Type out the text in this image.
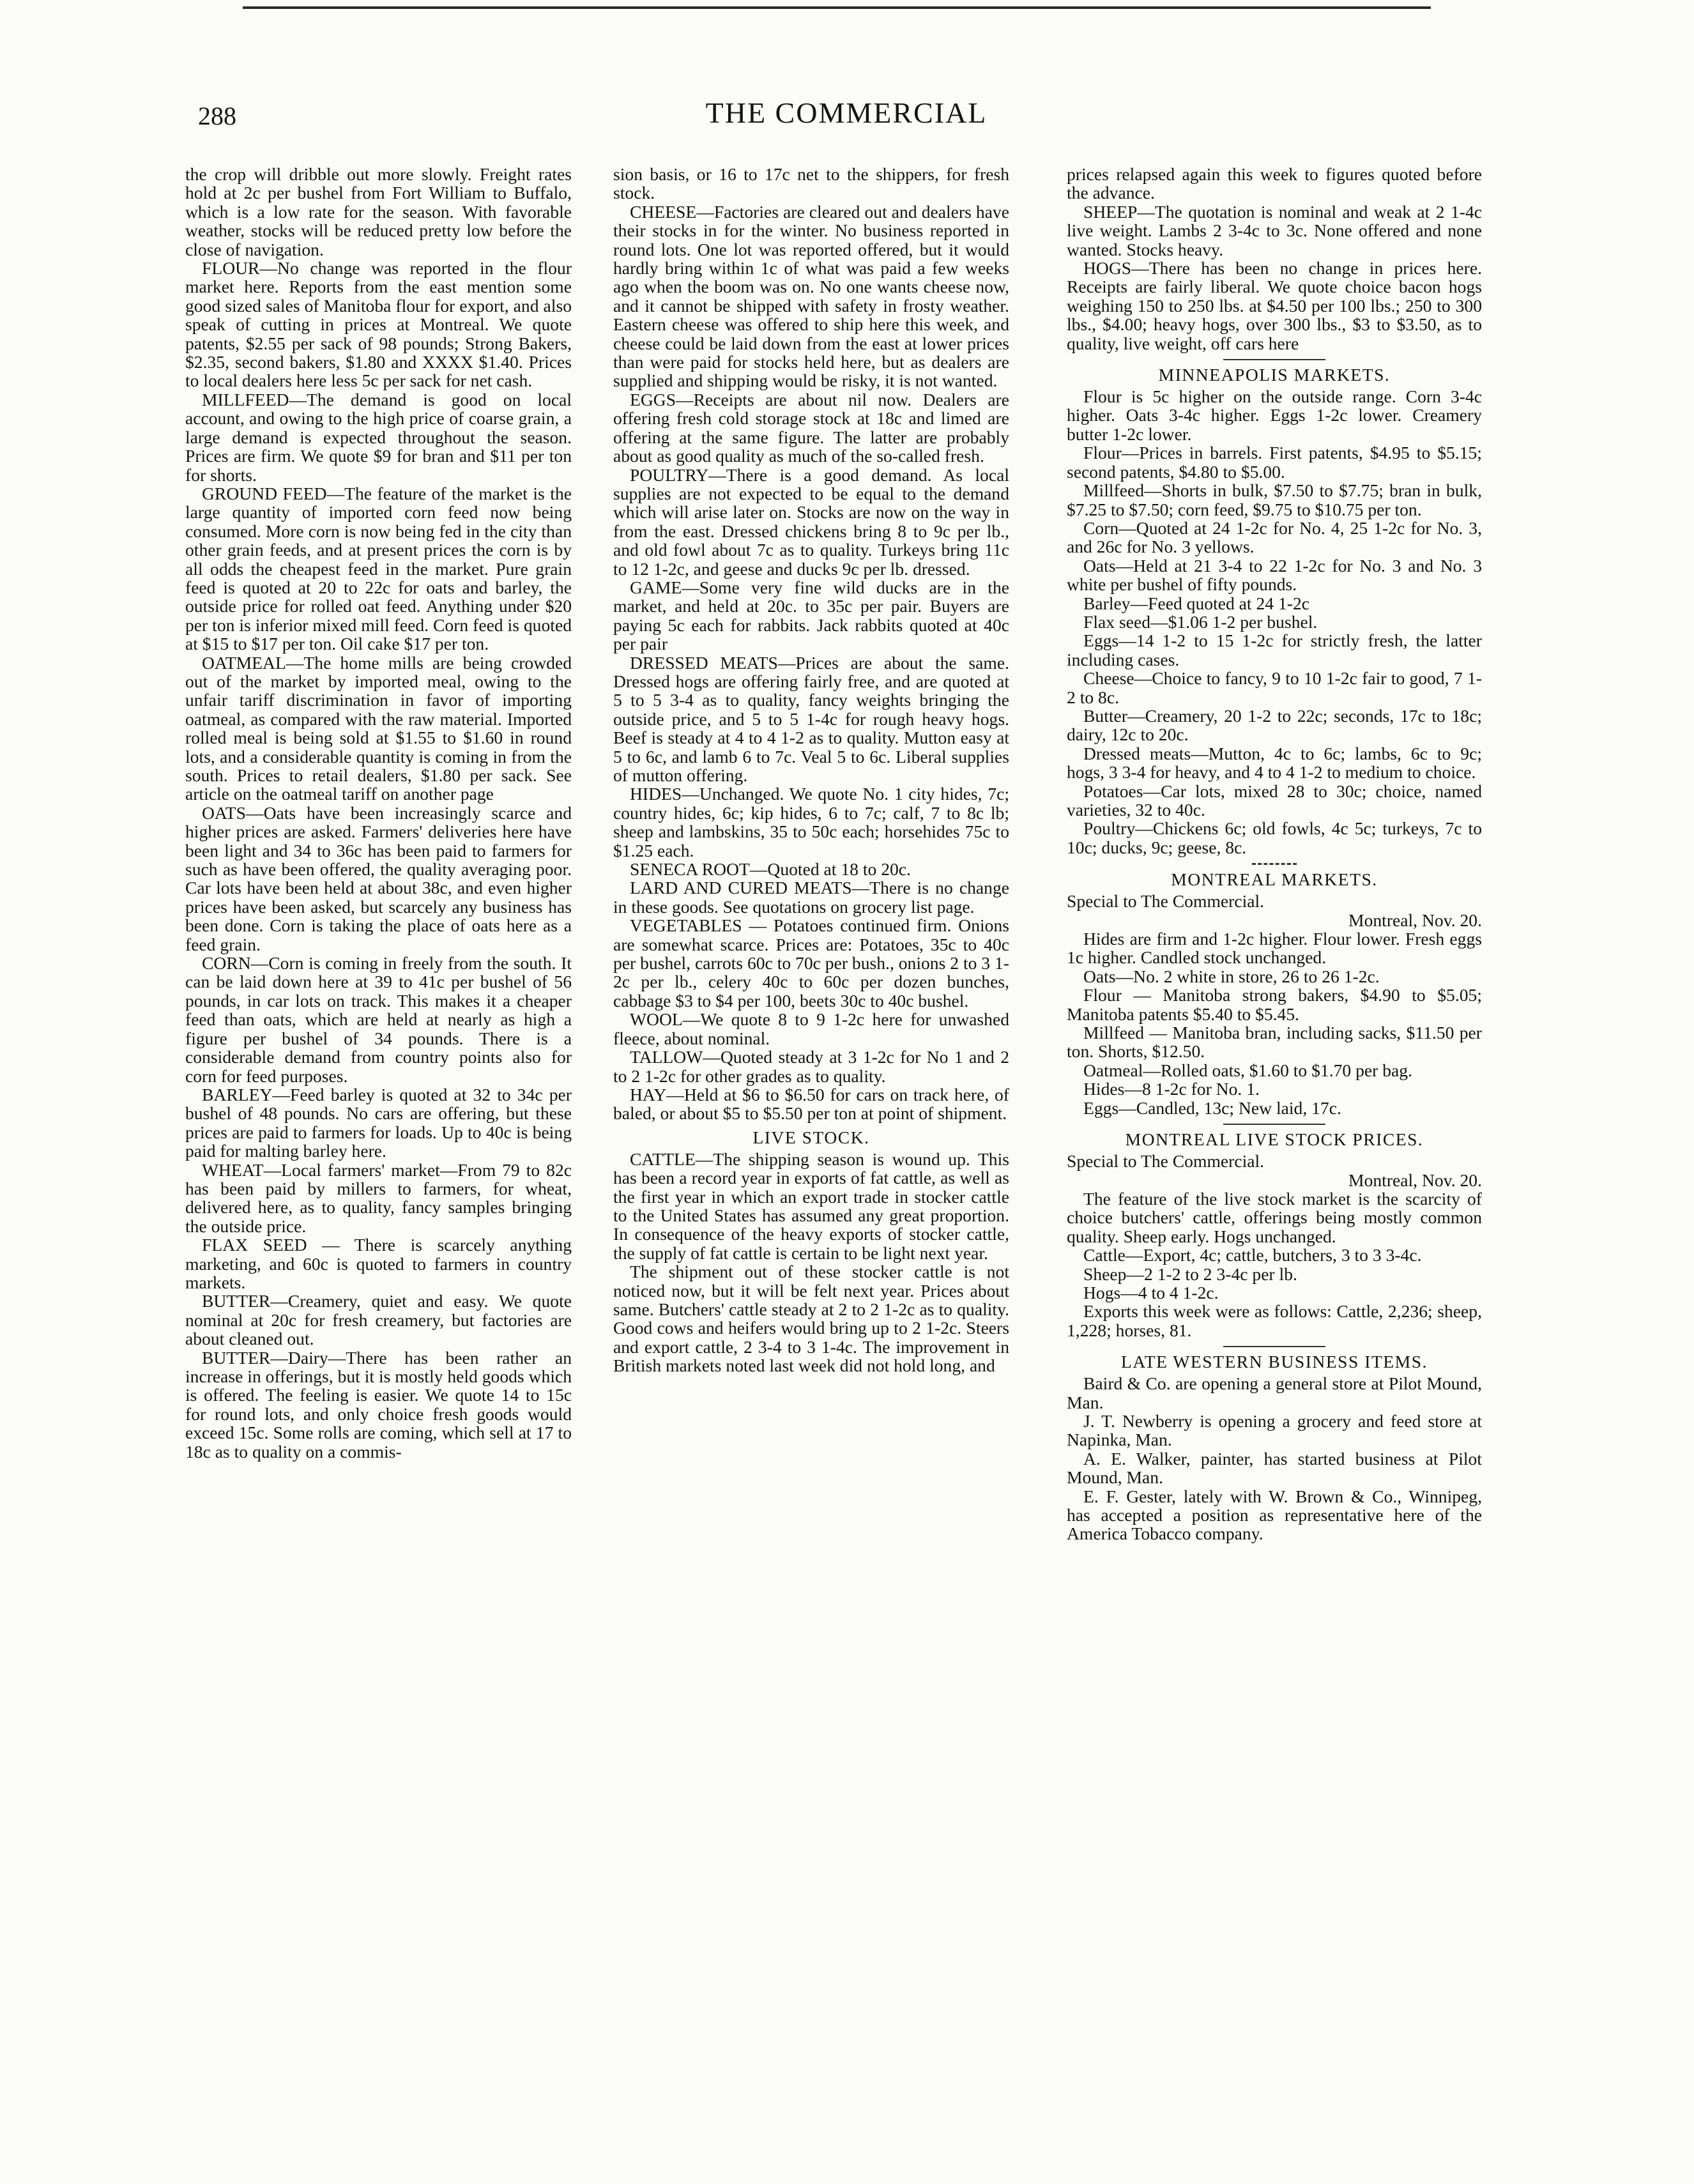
288	THE COMMERCIAL

the crop will dribble out more slowly. Freight rates hold at 2c per bushel from Fort William to Buffalo, which is a low rate for the season. With favorable weather, stocks will be reduced pretty low before the close of navigation.

FLOUR—No change was reported in the flour market here. Reports from the east mention some good sized sales of Manitoba flour for export, and also speak of cutting in prices at Montreal. We quote patents, $2.55 per sack of 98 pounds; Strong Bakers, $2.35, second bakers, $1.80 and XXXX $1.40. Prices to local dealers here less 5c per sack for net cash.

MILLFEED—The demand is good on local account, and owing to the high price of coarse grain, a large demand is expected throughout the season. Prices are firm. We quote $9 for bran and $11 per ton for shorts.

GROUND FEED—The feature of the market is the large quantity of imported corn feed now being consumed. More corn is now being fed in the city than other grain feeds, and at present prices the corn is by all odds the cheapest feed in the market. Pure grain feed is quoted at 20 to 22c for oats and barley, the outside price for rolled oat feed. Anything under $20 per ton is inferior mixed mill feed. Corn feed is quoted at $15 to $17 per ton. Oil cake $17 per ton.

OATMEAL—The home mills are being crowded out of the market by imported meal, owing to the unfair tariff discrimination in favor of importing oatmeal, as compared with the raw material. Imported rolled meal is being sold at $1.55 to $1.60 in round lots, and a considerable quantity is coming in from the south. Prices to retail dealers, $1.80 per sack. See article on the oatmeal tariff on another page

OATS—Oats have been increasingly scarce and higher prices are asked. Farmers' deliveries here have been light and 34 to 36c has been paid to farmers for such as have been offered, the quality averaging poor. Car lots have been held at about 38c, and even higher prices have been asked, but scarcely any business has been done. Corn is taking the place of oats here as a feed grain.

CORN—Corn is coming in freely from the south. It can be laid down here at 39 to 41c per bushel of 56 pounds, in car lots on track. This makes it a cheaper feed than oats, which are held at nearly as high a figure per bushel of 34 pounds. There is a considerable demand from country points also for corn for feed purposes.

BARLEY—Feed barley is quoted at 32 to 34c per bushel of 48 pounds. No cars are offering, but these prices are paid to farmers for loads. Up to 40c is being paid for malting barley here.

WHEAT—Local farmers' market—From 79 to 82c has been paid by millers to farmers, for wheat, delivered here, as to quality, fancy samples bringing the outside price.

FLAX SEED — There is scarcely anything marketing, and 60c is quoted to farmers in country markets.

BUTTER—Creamery, quiet and easy. We quote nominal at 20c for fresh creamery, but factories are about cleaned out.

BUTTER—Dairy—There has been rather an increase in offerings, but it is mostly held goods which is offered. The feeling is easier. We quote 14 to 15c for round lots, and only choice fresh goods would exceed 15c. Some rolls are coming, which sell at 17 to 18c as to quality on a commis-

sion basis, or 16 to 17c net to the shippers, for fresh stock.

CHEESE—Factories are cleared out and dealers have their stocks in for the winter. No business reported in round lots. One lot was reported offered, but it would hardly bring within 1c of what was paid a few weeks ago when the boom was on. No one wants cheese now, and it cannot be shipped with safety in frosty weather. Eastern cheese was offered to ship here this week, and cheese could be laid down from the east at lower prices than were paid for stocks held here, but as dealers are supplied and shipping would be risky, it is not wanted.

EGGS—Receipts are about nil now. Dealers are offering fresh cold storage stock at 18c and limed are offering at the same figure. The latter are probably about as good quality as much of the so-called fresh.

POULTRY—There is a good demand. As local supplies are not expected to be equal to the demand which will arise later on. Stocks are now on the way in from the east. Dressed chickens bring 8 to 9c per lb., and old fowl about 7c as to quality. Turkeys bring 11c to 12 1-2c, and geese and ducks 9c per lb. dressed.

GAME—Some very fine wild ducks are in the market, and held at 20c. to 35c per pair. Buyers are paying 5c each for rabbits. Jack rabbits quoted at 40c per pair

DRESSED MEATS—Prices are about the same. Dressed hogs are offering fairly free, and are quoted at 5 to 5 3-4 as to quality, fancy weights bringing the outside price, and 5 to 5 1-4c for rough heavy hogs. Beef is steady at 4 to 4 1-2 as to quality. Mutton easy at 5 to 6c, and lamb 6 to 7c. Veal 5 to 6c. Liberal supplies of mutton offering.

HIDES—Unchanged. We quote No. 1 city hides, 7c; country hides, 6c; kip hides, 6 to 7c; calf, 7 to 8c lb; sheep and lambskins, 35 to 50c each; horsehides 75c to $1.25 each.

SENECA ROOT—Quoted at 18 to 20c.

LARD AND CURED MEATS—There is no change in these goods. See quotations on grocery list page.

VEGETABLES — Potatoes continued firm. Onions are somewhat scarce. Prices are: Potatoes, 35c to 40c per bushel, carrots 60c to 70c per bush., onions 2 to 3 1-2c per lb., celery 40c to 60c per dozen bunches, cabbage $3 to $4 per 100, beets 30c to 40c bushel.

WOOL—We quote 8 to 9 1-2c here for unwashed fleece, about nominal.

TALLOW—Quoted steady at 3 1-2c for No 1 and 2 to 2 1-2c for other grades as to quality.

HAY—Held at $6 to $6.50 for cars on track here, of baled, or about $5 to $5.50 per ton at point of shipment.

LIVE STOCK.

CATTLE—The shipping season is wound up. This has been a record year in exports of fat cattle, as well as the first year in which an export trade in stocker cattle to the United States has assumed any great proportion. In consequence of the heavy exports of stocker cattle, the supply of fat cattle is certain to be light next year.

The shipment out of these stocker cattle is not noticed now, but it will be felt next year. Prices about same. Butchers' cattle steady at 2 to 2 1-2c as to quality. Good cows and heifers would bring up to 2 1-2c. Steers and export cattle, 2 3-4 to 3 1-4c. The improvement in British markets noted last week did not hold long, and

prices relapsed again this week to figures quoted before the advance.

SHEEP—The quotation is nominal and weak at 2 1-4c live weight. Lambs 2 3-4c to 3c. None offered and none wanted. Stocks heavy.

HOGS—There has been no change in prices here. Receipts are fairly liberal. We quote choice bacon hogs weighing 150 to 250 lbs. at $4.50 per 100 lbs.; 250 to 300 lbs., $4.00; heavy hogs, over 300 lbs., $3 to $3.50, as to quality, live weight, off cars here

MINNEAPOLIS MARKETS.

Flour is 5c higher on the outside range. Corn 3-4c higher. Oats 3-4c higher. Eggs 1-2c lower. Creamery butter 1-2c lower.

Flour—Prices in barrels. First patents, $4.95 to $5.15; second patents, $4.80 to $5.00.

Millfeed—Shorts in bulk, $7.50 to $7.75; bran in bulk, $7.25 to $7.50; corn feed, $9.75 to $10.75 per ton.

Corn—Quoted at 24 1-2c for No. 4, 25 1-2c for No. 3, and 26c for No. 3 yellows.

Oats—Held at 21 3-4 to 22 1-2c for No. 3 and No. 3 white per bushel of fifty pounds.

Barley—Feed quoted at 24 1-2c

Flax seed—$1.06 1-2 per bushel.

Eggs—14 1-2 to 15 1-2c for strictly fresh, the latter including cases.

Cheese—Choice to fancy, 9 to 10 1-2c fair to good, 7 1-2 to 8c.

Butter—Creamery, 20 1-2 to 22c; seconds, 17c to 18c; dairy, 12c to 20c.

Dressed meats—Mutton, 4c to 6c; lambs, 6c to 9c; hogs, 3 3-4 for heavy, and 4 to 4 1-2 to medium to choice.

Potatoes—Car lots, mixed 28 to 30c; choice, named varieties, 32 to 40c.

Poultry—Chickens 6c; old fowls, 4c 5c; turkeys, 7c to 10c; ducks, 9c; geese, 8c.

MONTREAL MARKETS.

Special to The Commercial.

Montreal, Nov. 20.

Hides are firm and 1-2c higher. Flour lower. Fresh eggs 1c higher. Candled stock unchanged.

Oats—No. 2 white in store, 26 to 26 1-2c.

Flour — Manitoba strong bakers, $4.90 to $5.05; Manitoba patents $5.40 to $5.45.

Millfeed — Manitoba bran, including sacks, $11.50 per ton. Shorts, $12.50.

Oatmeal—Rolled oats, $1.60 to $1.70 per bag.

Hides—8 1-2c for No. 1.

Eggs—Candled, 13c; New laid, 17c.

MONTREAL LIVE STOCK PRICES.

Special to The Commercial.

Montreal, Nov. 20.

The feature of the live stock market is the scarcity of choice butchers' cattle, offerings being mostly common quality. Sheep early. Hogs unchanged.

Cattle—Export, 4c; cattle, butchers, 3 to 3 3-4c.

Sheep—2 1-2 to 2 3-4c per lb.

Hogs—4 to 4 1-2c.

Exports this week were as follows: Cattle, 2,236; sheep, 1,228; horses, 81.

LATE WESTERN BUSINESS ITEMS.

Baird & Co. are opening a general store at Pilot Mound, Man.

J. T. Newberry is opening a grocery and feed store at Napinka, Man.

A. E. Walker, painter, has started business at Pilot Mound, Man.

E. F. Gester, lately with W. Brown & Co., Winnipeg, has accepted a position as representative here of the America Tobacco company.
